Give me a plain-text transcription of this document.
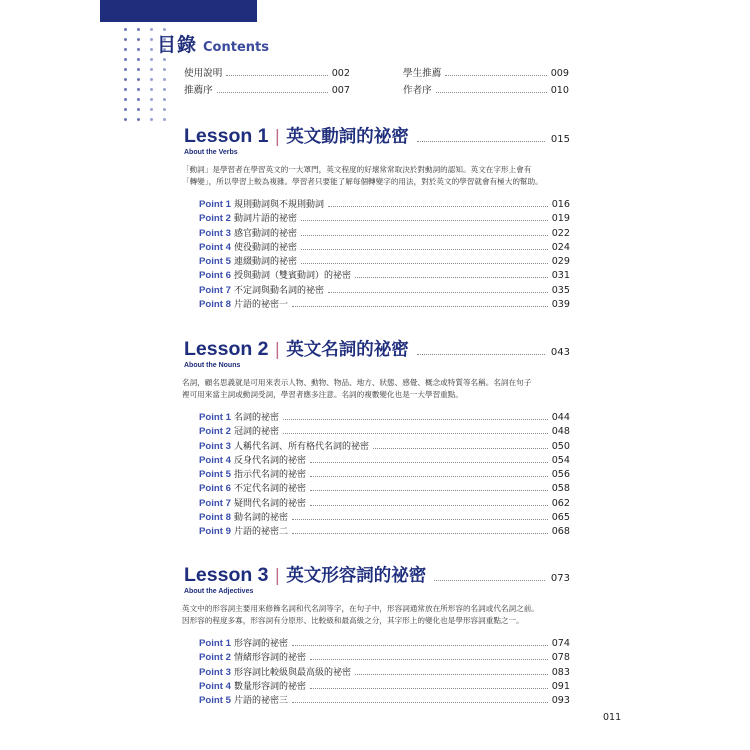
目錄 Contents
使用說明	002
推薦序	007
學生推薦	009
作者序	010
Lesson 1 | 英文動詞的祕密	015
About the Verbs
「動詞」是學習者在學習英文的一大罩門，英文程度的好壞常常取決於對動詞的認知。英文在字形上會有
「轉變」，所以學習上較為複雜。學習者只要能了解每個轉變字的用法，對於英文的學習就會有極大的幫助。
Point 1 規則動詞與不規則動詞	016
Point 2 動詞片語的祕密	019
Point 3 感官動詞的祕密	022
Point 4 使役動詞的祕密	024
Point 5 連綴動詞的祕密	029
Point 6 授與動詞（雙賓動詞）的祕密	031
Point 7 不定詞與動名詞的祕密	035
Point 8 片語的祕密一	039
Lesson 2 | 英文名詞的祕密	043
About the Nouns
名詞，顧名思義就是可用來表示人物、動物、物品、地方、狀態、感覺、概念或特質等名稱。名詞在句子
裡可用來當主詞或動詞受詞，學習者應多注意。名詞的複數變化也是一大學習重點。
Point 1 名詞的祕密	044
Point 2 冠詞的祕密	048
Point 3 人稱代名詞、所有格代名詞的祕密	050
Point 4 反身代名詞的祕密	054
Point 5 指示代名詞的祕密	056
Point 6 不定代名詞的祕密	058
Point 7 疑問代名詞的祕密	062
Point 8 動名詞的祕密	065
Point 9 片語的祕密二	068
Lesson 3 | 英文形容詞的祕密	073
About the Adjectives
英文中的形容詞主要用來修飾名詞和代名詞等字，在句子中，形容詞通常放在所形容的名詞或代名詞之前。
因形容的程度多寡，形容詞有分原形、比較級和最高級之分，其字形上的變化也是學形容詞重點之一。
Point 1 形容詞的祕密	074
Point 2 情緒形容詞的祕密	078
Point 3 形容詞比較級與最高級的祕密	083
Point 4 數量形容詞的祕密	091
Point 5 片語的祕密三	093
011
